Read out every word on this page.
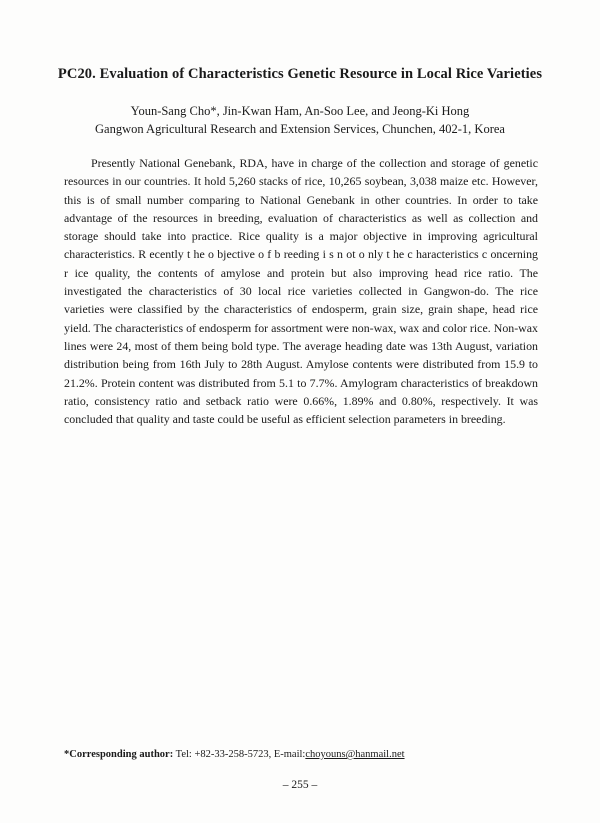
PC20. Evaluation of Characteristics Genetic Resource in Local Rice Varieties
Youn-Sang Cho*, Jin-Kwan Ham, An-Soo Lee, and Jeong-Ki Hong
Gangwon Agricultural Research and Extension Services, Chunchen, 402-1, Korea

Presently National Genebank, RDA, have in charge of the collection and storage of genetic resources in our countries. It hold 5,260 stacks of rice, 10,265 soybean, 3,038 maize etc. However, this is of small number comparing to National Genebank in other countries. In order to take advantage of the resources in breeding, evaluation of characteristics as well as collection and storage should take into practice. Rice quality is a major objective in improving agricultural characteristics. R ecently t he o bjective o f b reeding i s n ot o nly t he c haracteristics c oncerning r ice quality, the contents of amylose and protein but also improving head rice ratio. The investigated the characteristics of 30 local rice varieties collected in Gangwon-do. The rice varieties were classified by the characteristics of endosperm, grain size, grain shape, head rice yield. The characteristics of endosperm for assortment were non-wax, wax and color rice. Non-wax lines were 24, most of them being bold type. The average heading date was 13th August, variation distribution being from 16th July to 28th August. Amylose contents were distributed from 15.9 to 21.2%. Protein content was distributed from 5.1 to 7.7%. Amylogram characteristics of breakdown ratio, consistency ratio and setback ratio were 0.66%, 1.89% and 0.80%, respectively. It was concluded that quality and taste could be useful as efficient selection parameters in breeding.

*Corresponding author: Tel: +82-33-258-5723, E-mail:choyouns@hanmail.net
– 255 –
